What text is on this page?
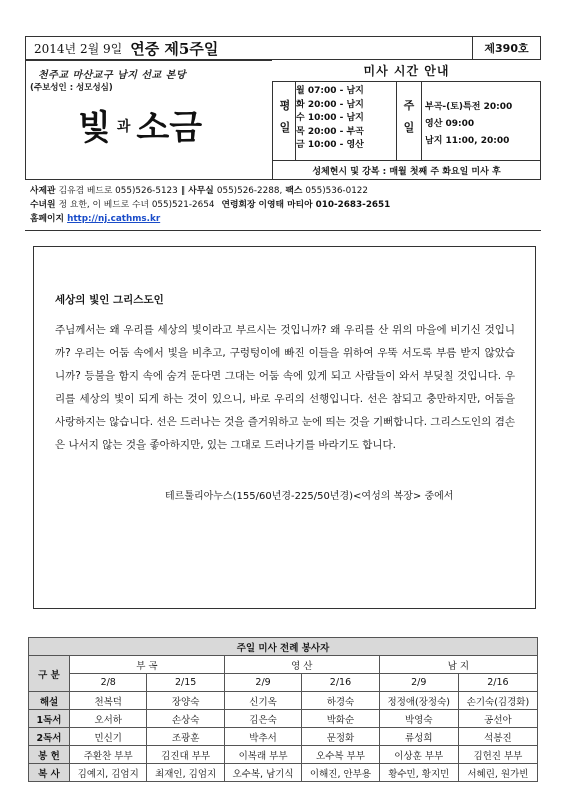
2014년 2월 9일 연중 제5주일	제390호
천주교 마산교구 남지 선교 본당
(주보성인 : 성모성심)
빛과 소금
미사 시간 안내
평일
월 07:00 - 남지
화 20:00 - 남지
수 10:00 - 남지
목 20:00 - 부곡
금 10:00 - 영산
주일
부곡-(토)특전 20:00
영산 09:00
남지 11:00, 20:00
성체현시 및 강복 : 매월 첫째 주 화요일 미사 후
사제관 김유겸 베드로 055)526-5123 ‖ 사무실 055)526-2288, 팩스 055)536-0122
수녀원 정 요한, 이 베드로 수녀 055)521-2654 연령회장 이영태 마티아 010-2683-2651
홈페이지 http://nj.cathms.kr
세상의 빛인 그리스도인
주님께서는 왜 우리를 세상의 빛이라고 부르시는 것입니까? 왜 우리를 산 위의 마을에 비기신 것입니까? 우리는 어둠 속에서 빛을 비추고, 구렁텅이에 빠진 이들을 위하여 우뚝 서도록 부름 받지 않았습니까? 등불을 함지 속에 숨겨 둔다면 그대는 어둠 속에 있게 되고 사람들이 와서 부딪칠 것입니다. 우리를 세상의 빛이 되게 하는 것이 있으니, 바로 우리의 선행입니다. 선은 참되고 충만하지만, 어둠을 사랑하지는 않습니다. 선은 드러나는 것을 즐거워하고 눈에 띄는 것을 기뻐합니다. 그리스도인의 겸손은 나서지 않는 것을 좋아하지만, 있는 그대로 드러나기를 바라기도 합니다.
테르툴리아누스(155/60년경-225/50년경)<여성의 복장> 중에서
주일 미사 전례 봉사자						
구 분	부 곡		영 산		남 지	
	2/8	2/15	2/9	2/16	2/9	2/16
해설	천복덕	장양숙	신기옥	하경숙	정정애(장정숙)	손기숙(김경화)
1독서	오서하	손상숙	김은숙	박화순	박영숙	공선아
2독서	민신기	조광훈	박추서	문정화	류성희	석봉진
봉 헌	주환찬 부부	김진대 부부	이복래 부부	오수복 부부	이상훈 부부	김헌진 부부
복 사	김예지, 김엄지	최재인, 김엄지	오수복, 남기식	이해진, 안부용	황수민, 황지민	서혜린, 원가빈
